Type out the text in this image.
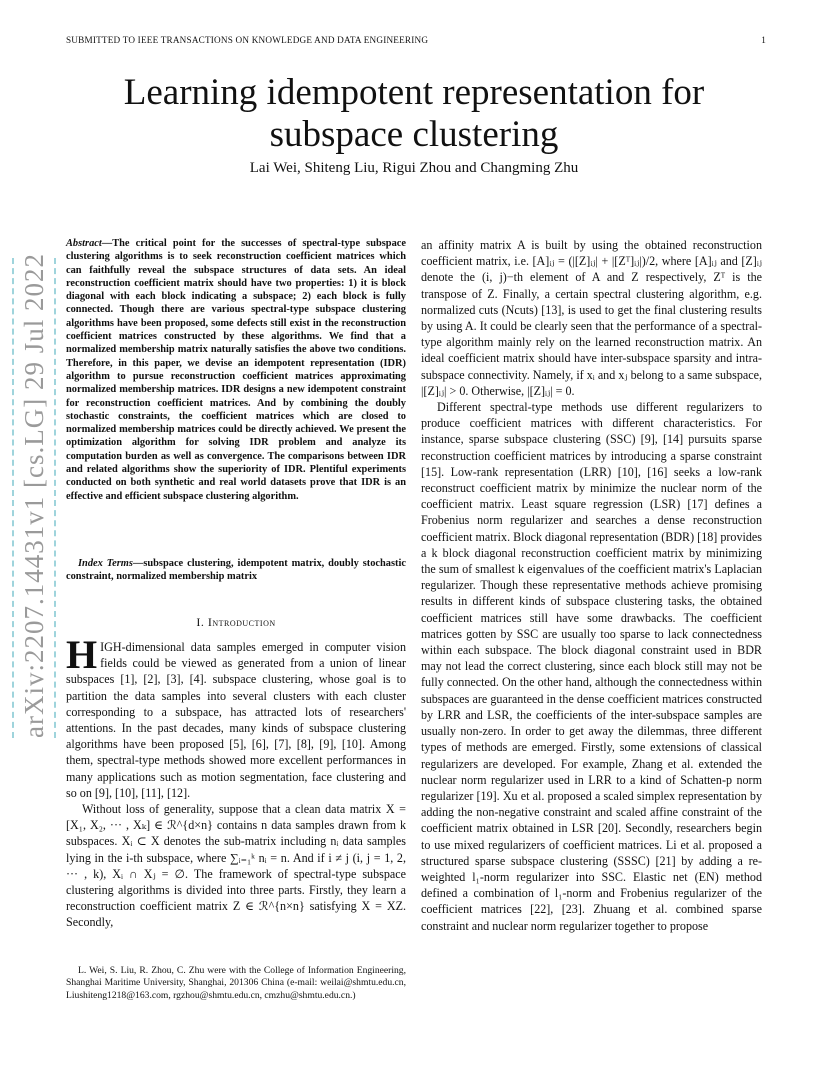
SUBMITTED TO IEEE TRANSACTIONS ON KNOWLEDGE AND DATA ENGINEERING	1
Learning idempotent representation for subspace clustering
Lai Wei, Shiteng Liu, Rigui Zhou and Changming Zhu
arXiv:2207.14431v1 [cs.LG] 29 Jul 2022

Abstract—The critical point for the successes of spectral-type subspace clustering algorithms is to seek reconstruction coefficient matrices which can faithfully reveal the subspace structures of data sets. An ideal reconstruction coefficient matrix should have two properties: 1) it is block diagonal with each block indicating a subspace; 2) each block is fully connected. Though there are various spectral-type subspace clustering algorithms have been proposed, some defects still exist in the reconstruction coefficient matrices constructed by these algorithms. We find that a normalized membership matrix naturally satisfies the above two conditions. Therefore, in this paper, we devise an idempotent representation (IDR) algorithm to pursue reconstruction coefficient matrices approximating normalized membership matrices. IDR designs a new idempotent constraint for reconstruction coefficient matrices. And by combining the doubly stochastic constraints, the coefficient matrices which are closed to normalized membership matrices could be directly achieved. We present the optimization algorithm for solving IDR problem and analyze its computation burden as well as convergence. The comparisons between IDR and related algorithms show the superiority of IDR. Plentiful experiments conducted on both synthetic and real world datasets prove that IDR is an effective and efficient subspace clustering algorithm.

Index Terms—subspace clustering, idempotent matrix, doubly stochastic constraint, normalized membership matrix

I. Introduction

HIGH-dimensional data samples emerged in computer vision fields could be viewed as generated from a union of linear subspaces [1], [2], [3], [4]. subspace clustering, whose goal is to partition the data samples into several clusters with each cluster corresponding to a subspace, has attracted lots of researchers' attentions. In the past decades, many kinds of subspace clustering algorithms have been proposed [5], [6], [7], [8], [9], [10]. Among them, spectral-type methods showed more excellent performances in many applications such as motion segmentation, face clustering and so on [9], [10], [11], [12].

Without loss of generality, suppose that a clean data matrix X = [X₁, X₂, ··· , Xₖ] ∈ ℛ^{d×n} contains n data samples drawn from k subspaces. Xᵢ ⊂ X denotes the sub-matrix including nᵢ data samples lying in the i-th subspace, where ∑ᵢ₌₁ᵏ nᵢ = n. And if i ≠ j (i, j = 1, 2, ··· , k), Xᵢ ∩ Xⱼ = ∅. The framework of spectral-type subspace clustering algorithms is divided into three parts. Firstly, they learn a reconstruction coefficient matrix Z ∈ ℛ^{n×n} satisfying X = XZ. Secondly,

L. Wei, S. Liu, R. Zhou, C. Zhu were with the College of Information Engineering, Shanghai Maritime University, Shanghai, 201306 China (e-mail: weilai@shmtu.edu.cn, Liushiteng1218@163.com, rgzhou@shmtu.edu.cn, cmzhu@shmtu.edu.cn.)

an affinity matrix A is built by using the obtained reconstruction coefficient matrix, i.e. [A]ᵢⱼ = (|[Z]ᵢⱼ| + |[Zᵀ]ᵢⱼ|)/2, where [A]ᵢⱼ and [Z]ᵢⱼ denote the (i, j)−th element of A and Z respectively, Zᵀ is the transpose of Z. Finally, a certain spectral clustering algorithm, e.g. normalized cuts (Ncuts) [13], is used to get the final clustering results by using A. It could be clearly seen that the performance of a spectral-type algorithm mainly rely on the learned reconstruction matrix. An ideal coefficient matrix should have inter-subspace sparsity and intra-subspace connectivity. Namely, if xᵢ and xⱼ belong to a same subspace, |[Z]ᵢⱼ| > 0. Otherwise, |[Z]ᵢⱼ| = 0.

Different spectral-type methods use different regularizers to produce coefficient matrices with different characteristics. For instance, sparse subspace clustering (SSC) [9], [14] pursuits sparse reconstruction coefficient matrices by introducing a sparse constraint [15]. Low-rank representation (LRR) [10], [16] seeks a low-rank reconstruct coefficient matrix by minimize the nuclear norm of the coefficient matrix. Least square regression (LSR) [17] defines a Frobenius norm regularizer and searches a dense reconstruction coefficient matrix. Block diagonal representation (BDR) [18] provides a k block diagonal reconstruction coefficient matrix by minimizing the sum of smallest k eigenvalues of the coefficient matrix's Laplacian regularizer. Though these representative methods achieve promising results in different kinds of subspace clustering tasks, the obtained coefficient matrices still have some drawbacks. The coefficient matrices gotten by SSC are usually too sparse to lack connectedness within each subspace. The block diagonal constraint used in BDR may not lead the correct clustering, since each block still may not be fully connected. On the other hand, although the connectedness within subspaces are guaranteed in the dense coefficient matrices constructed by LRR and LSR, the coefficients of the inter-subspace samples are usually non-zero. In order to get away the dilemmas, three different types of methods are emerged. Firstly, some extensions of classical regularizers are developed. For example, Zhang et al. extended the nuclear norm regularizer used in LRR to a kind of Schatten-p norm regularizer [19]. Xu et al. proposed a scaled simplex representation by adding the non-negative constraint and scaled affine constraint of the coefficient matrix obtained in LSR [20]. Secondly, researchers begin to use mixed regularizers of coefficient matrices. Li et al. proposed a structured sparse subspace clustering (SSSC) [21] by adding a re-weighted l₁-norm regularizer into SSC. Elastic net (EN) method defined a combination of l₁-norm and Frobenius regularizer of the coefficient matrices [22], [23]. Zhuang et al. combined sparse constraint and nuclear norm regularizer together to propose
